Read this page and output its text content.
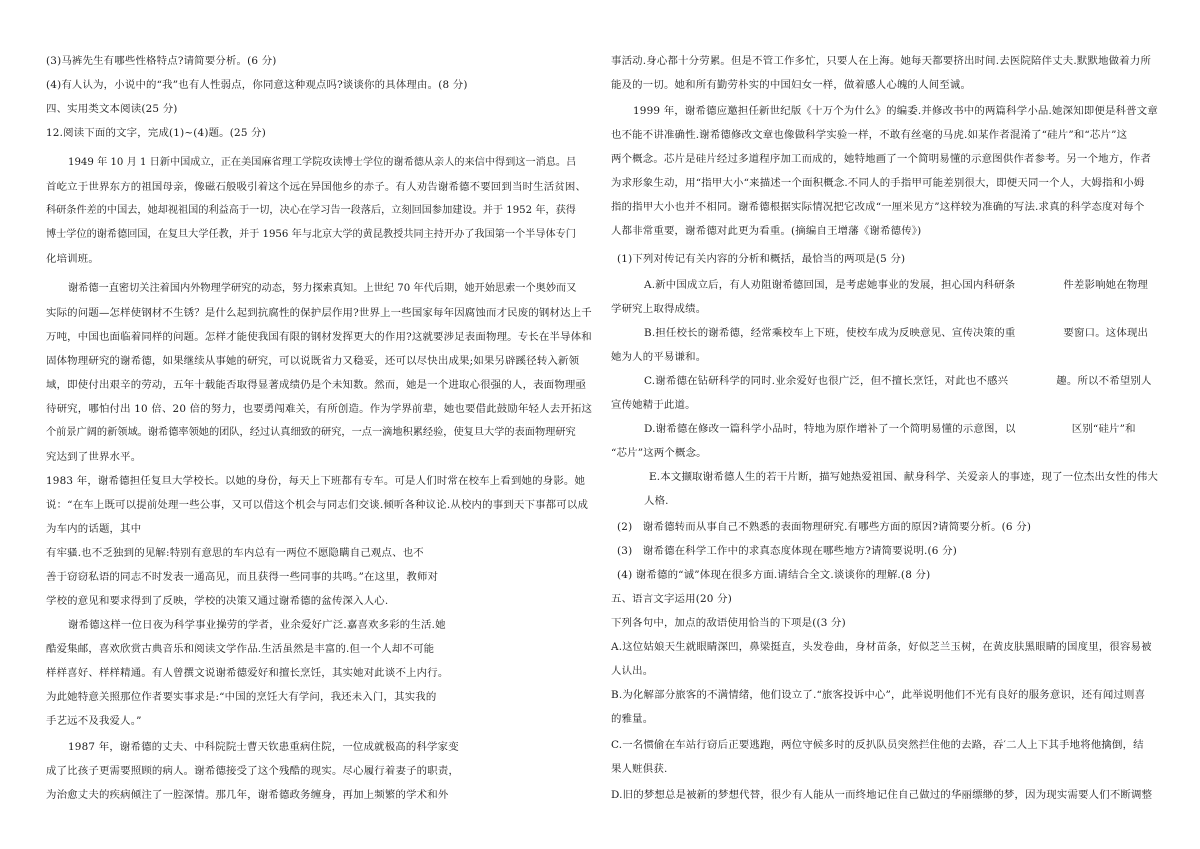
(3)马裤先生有哪些性格特点?请简要分析。(6 分)
(4)有人认为，小说中的“我”也有人性弱点，你同意这种观点吗?谈谈你的具体理由。(8 分)
四、实用类文本阅读(25 分)
12.阅读下面的文字，完成(1)~(4)题。(25 分)
1949 年 10 月 1 日新中国成立，正在美国麻省理工学院攻读博士学位的谢希德从亲人的来信中得到这一消息。吕
首屹立于世界东方的祖国母亲，像磁石般吸引着这个远在异国他乡的赤子。有人劝告谢希德不要回到当时生活贫困、
科研条件差的中国去，她却视祖国的利益高于一切，决心在学习告一段落后，立刻回国参加建设。并于 1952 年，获得
博士学位的谢希德回国，在复旦大学任教，并于 1956 年与北京大学的黄昆教授共同主持开办了我国第一个半导体专门
化培训班。
谢希德一直密切关注着国内外物理学研究的动态，努力探索真知。上世纪 70 年代后期，她开始思索一个奥妙而又
实际的问题—怎样使钢材不生锈？是什么起到抗腐性的保护层作用?世界上一些国家每年因腐蚀而才民废的钢材达上千
万吨，中国也面临着同样的问题。怎样才能使我国有限的钢材发挥更大的作用?这就要涉足表面物理。专长在半导体和
固体物理研究的谢希德，如果继续从事她的研究，可以说既省力又稳妥，还可以尽快出成果;如果另辟蹊径转入新领
域，即使付出艰辛的劳动，五年十载能否取得显著成绩仍是个未知数。然而，她是一个进取心很强的人，表面物理亟
待研究，哪怕付出 10 倍、20 倍的努力，也要勇闯难关，有所创造。作为学界前辈，她也要借此鼓励年轻人去开拓这
个前景广阔的新领域。谢希德率领她的团队，经过认真细致的研究，一点一滴地积累经验，使复旦大学的表面物理研究
究达到了世界水平。
1983 年，谢希德担任复旦大学校长。以她的身份，每天上下班都有专车。可是人们时常在校车上看到她的身影。她
说：“在车上既可以提前处理一些公事，又可以借这个机会与同志们交谈.倾听各种议论.从校内的事到天下事都可以成
为车内的话题，其中
有牢骚.也不乏独到的见解:特别有意思的车内总有一两位不愿隐瞒自己观点、也不
善于窃窃私语的同志不时发表一通高见，而且获得一些同事的共鸣。”在这里，教师对
学校的意见和要求得到了反映，学校的决策又通过谢希德的盆传深入人心.
谢希德这样一位日夜为科学事业操劳的学者，业余爱好广泛.嘉喜欢多彩的生活.她
酷爱集邮，喜欢欣赏古典音乐和阅读文学作品.生活虽然是丰富的.但一个人却不可能
样样喜好、样样精通。有人曾撰文说谢希德爱好和擅长烹饪，其实她对此谈不上内行。
为此她特意关照那位作者要实事求是:“中国的烹饪大有学问，我还未入门，其实我的
手艺远不及我爱人。”
1987 年，谢希德的丈夫、中科院院士曹天钦患重病住院，一位成就极高的科学家变
成了比孩子更需要照顾的病人。谢希德接受了这个残酷的现实。尽心履行着妻子的职责，
为治愈丈夫的疾病倾注了一腔深情。那几年，谢希德政务缠身，再加上频繁的学术和外
事活动.身心都十分劳累。但是不管工作多忙，只要人在上海。她每天都要挤出时间.去医院陪伴丈夫.默默地做着力所
能及的一切。她和所有勤劳朴实的中国妇女一样，做着感人心魄的人间至诚。
1999 年，谢希德应邀担任新世纪版《十万个为什么》的编委.并修改书中的两篇科学小品.她深知即便是科普文章
也不能不讲准确性.谢希德修改文章也像做科学实验一样，不敢有丝毫的马虎.如某作者混淆了“硅片”和“芯片”这
两个概念。芯片是硅片经过多道程序加工而成的，她特地画了一个简明易懂的示意图供作者参考。另一个地方，作者
为求形象生动，用“指甲大小“来描述一个面积概念.不同人的手指甲可能差别很大，即便天同一个人，大姆指和小姆
指的指甲大小也并不相同。谢希德根据实际情况把它改成“一厘米见方”这样较为准确的写法.求真的科学态度对每个
人都非常重要，谢希德对此更为看重。(摘编自王增藩《谢希德传》)
(1)下列对传记有关内容的分析和概括，最恰当的两项是(5 分)
A.新中国成立后，有人劝阻谢希德回国，是考虑她事业的发展，担心国内科研条	件差影响她在物理
学研究上取得成绩。
B.担任校长的谢希德，经常乘校车上下班，使校车成为反映意见、宣传决策的重	要窗口。这体现出
她为人的平易谦和。
C.谢希德在钻研科学的同时.业余爱好也很广泛，但不擅长烹饪，对此也不感兴	趣。所以不希望别人
宣传她精于此道。
D.谢希德在修改一篇科学小品时，特地为原作增补了一个简明易懂的示意图，以	区别“硅片”和
“芯片”这两个概念。
E.本文撷取谢希德人生的若干片断，描写她热爱祖国、献身科学、关爱亲人的事迹，现了一位杰出女性的伟大
人格.
(2)　谢希德转而从事自己不熟悉的表面物理研究.有哪些方面的原因?请简要分析。(6 分)
(3)　谢希德在科学工作中的求真态度体现在哪些地方?请简要说明.(6 分)
(4) 谢希德的“诚”体现在很多方面.请结合全文.谈谈你的理解.(8 分)
五、语言文字运用(20 分)
下列各句中，加点的敌语使用恰当的下项是((3 分)
A.这位姑娘天生就眼睛深凹，鼻梁挺直，头发卷曲，身材苗条，好似芝兰玉树，在黄皮肤黑眼睛的国度里，很容易被
人认出。
B.为化解部分旅客的不满情绪，他们设立了.“旅客投诉中心”，此举说明他们不光有良好的服务意识，还有闻过则喜
的雅量。
C.一名惯偷在车站行窃后正要逃跑，两位守候多时的反扒队员突然拦住他的去路，吞′二人上下其手地将他擒倒，结
果人赃俱获.
D.旧的梦想总是被新的梦想代替，很少有人能从一而终地记住自己做过的华丽缥缈的梦，因为现实需要人们不断调整
